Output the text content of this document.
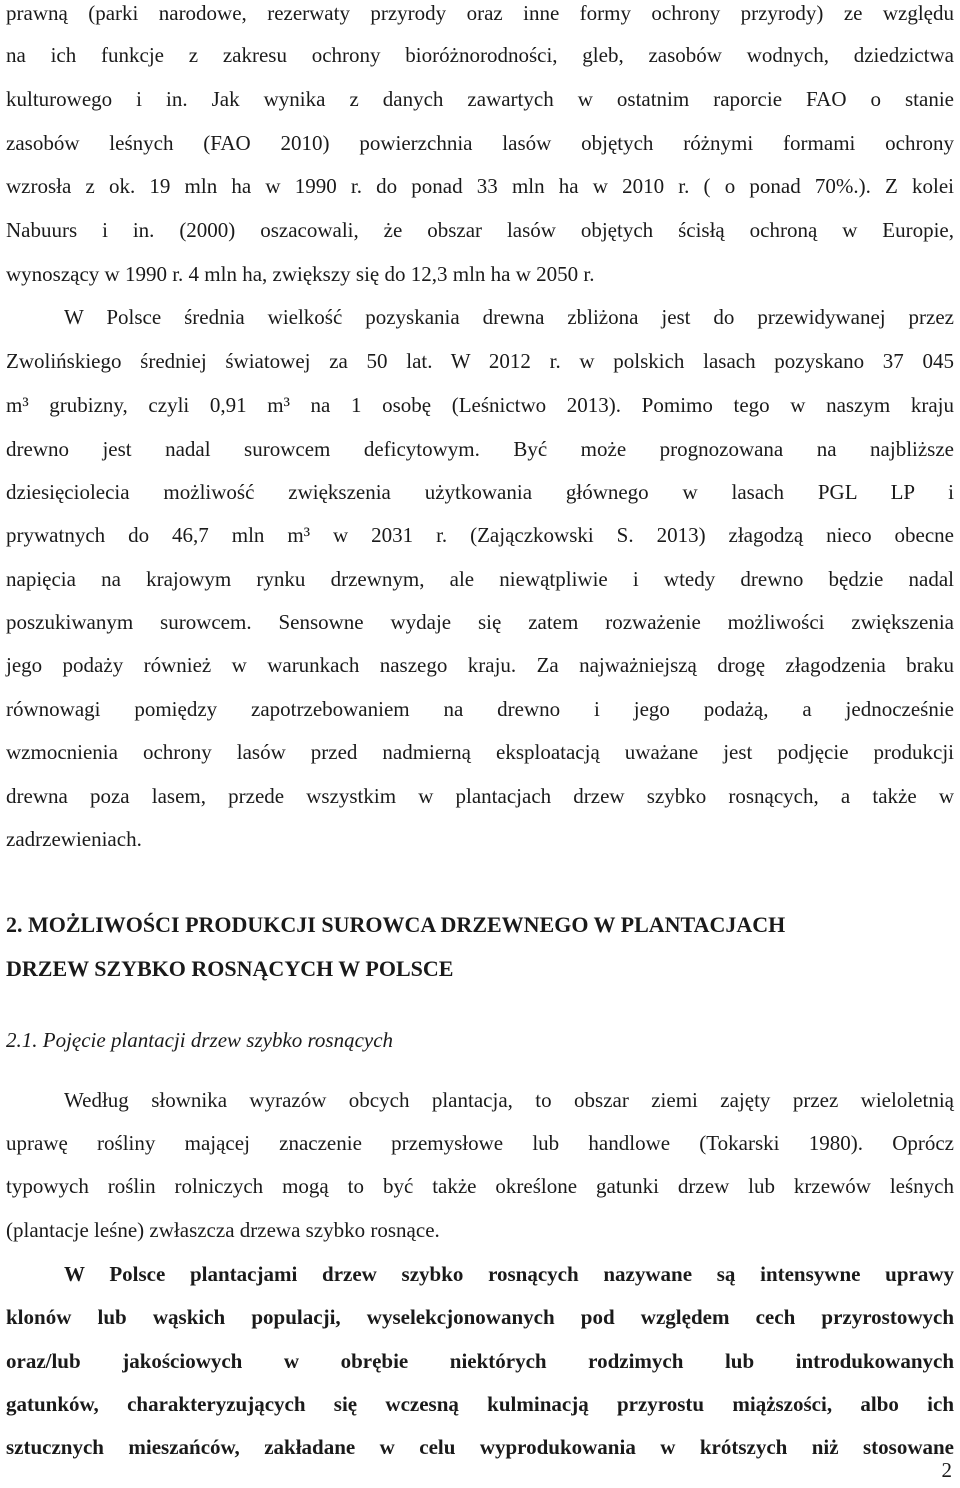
prawną (parki narodowe, rezerwaty przyrody oraz inne formy ochrony przyrody) ze względu
na ich funkcje z zakresu ochrony bioróżnorodności, gleb, zasobów wodnych, dziedzictwa
kulturowego i in. Jak wynika z danych zawartych w ostatnim raporcie FAO o stanie
zasobów leśnych (FAO 2010) powierzchnia lasów objętych różnymi formami ochrony
wzrosła z ok. 19 mln ha w 1990 r. do ponad 33 mln ha w 2010 r. ( o ponad 70%.). Z kolei
Nabuurs i in. (2000) oszacowali, że obszar lasów objętych ścisłą ochroną w Europie,
wynoszący w 1990 r. 4 mln ha, zwiększy się do 12,3 mln ha w 2050 r.
W Polsce średnia wielkość pozyskania drewna zbliżona jest do przewidywanej przez
Zwolińskiego średniej światowej za 50 lat. W 2012 r. w polskich lasach pozyskano 37 045
m³ grubizny, czyli 0,91 m³ na 1 osobę (Leśnictwo 2013). Pomimo tego w naszym kraju
drewno jest nadal surowcem deficytowym. Być może prognozowana na najbliższe
dziesięciolecia możliwość zwiększenia użytkowania głównego w lasach PGL LP i
prywatnych do 46,7 mln m³ w 2031 r. (Zajączkowski S. 2013) złagodzą nieco obecne
napięcia na krajowym rynku drzewnym, ale niewątpliwie i wtedy drewno będzie nadal
poszukiwanym surowcem. Sensowne wydaje się zatem rozważenie możliwości zwiększenia
jego podaży również w warunkach naszego kraju. Za najważniejszą drogę złagodzenia braku
równowagi pomiędzy zapotrzebowaniem na drewno i jego podażą, a jednocześnie
wzmocnienia ochrony lasów przed nadmierną eksploatacją uważane jest podjęcie produkcji
drewna poza lasem, przede wszystkim w plantacjach drzew szybko rosnących, a także w
zadrzewieniach.
2. MOŻLIWOŚCI PRODUKCJI SUROWCA DRZEWNEGO W PLANTACJACH
DRZEW SZYBKO ROSNĄCYCH W POLSCE
2.1. Pojęcie plantacji drzew szybko rosnących
Według słownika wyrazów obcych plantacja, to obszar ziemi zajęty przez wieloletnią
uprawę rośliny mającej znaczenie przemysłowe lub handlowe (Tokarski 1980). Oprócz
typowych roślin rolniczych mogą to być także określone gatunki drzew lub krzewów leśnych
(plantacje leśne) zwłaszcza drzewa szybko rosnące.
W Polsce plantacjami drzew szybko rosnących nazywane są intensywne uprawy
klonów lub wąskich populacji, wyselekcjonowanych pod względem cech przyrostowych
oraz/lub jakościowych w obrębie niektórych rodzimych lub introdukowanych
gatunków, charakteryzujących się wczesną kulminacją przyrostu miąższości, albo ich
sztucznych mieszańców, zakładane w celu wyprodukowania w krótszych niż stosowane
2
